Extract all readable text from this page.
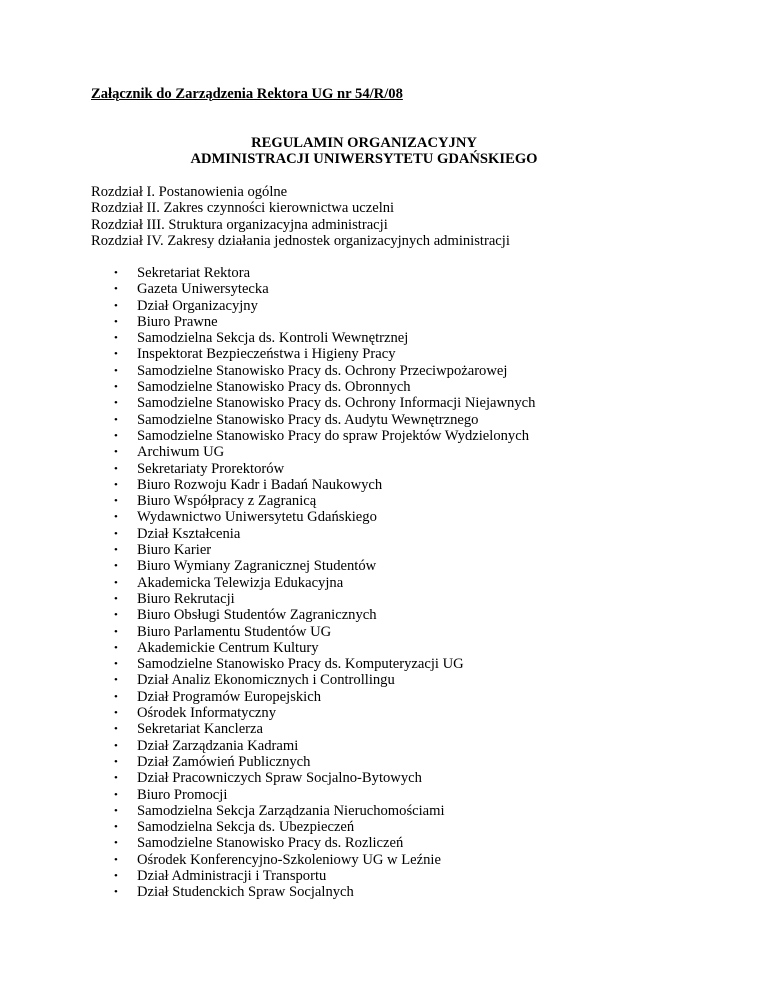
Załącznik do Zarządzenia Rektora UG nr 54/R/08
REGULAMIN ORGANIZACYJNY
ADMINISTRACJI UNIWERSYTETU GDAŃSKIEGO
Rozdział I. Postanowienia ogólne
Rozdział II. Zakres czynności kierownictwa uczelni
Rozdział III. Struktura organizacyjna administracji
Rozdział IV. Zakresy działania jednostek organizacyjnych administracji
• Sekretariat Rektora
• Gazeta Uniwersytecka
• Dział Organizacyjny
• Biuro Prawne
• Samodzielna Sekcja ds. Kontroli Wewnętrznej
• Inspektorat Bezpieczeństwa i Higieny Pracy
• Samodzielne Stanowisko Pracy ds. Ochrony Przeciwpożarowej
• Samodzielne Stanowisko Pracy ds. Obronnych
• Samodzielne Stanowisko Pracy ds. Ochrony Informacji Niejawnych
• Samodzielne Stanowisko Pracy ds. Audytu Wewnętrznego
• Samodzielne Stanowisko Pracy do spraw Projektów Wydzielonych
• Archiwum UG
• Sekretariaty Prorektorów
• Biuro Rozwoju Kadr i Badań Naukowych
• Biuro Współpracy z Zagranicą
• Wydawnictwo Uniwersytetu Gdańskiego
• Dział Kształcenia
• Biuro Karier
• Biuro Wymiany Zagranicznej Studentów
• Akademicka Telewizja Edukacyjna
• Biuro Rekrutacji
• Biuro Obsługi Studentów Zagranicznych
• Biuro Parlamentu Studentów UG
• Akademickie Centrum Kultury
• Samodzielne Stanowisko Pracy ds. Komputeryzacji UG
• Dział Analiz Ekonomicznych i Controllingu
• Dział Programów Europejskich
• Ośrodek Informatyczny
• Sekretariat Kanclerza
• Dział Zarządzania Kadrami
• Dział Zamówień Publicznych
• Dział Pracowniczych Spraw Socjalno-Bytowych
• Biuro Promocji
• Samodzielna Sekcja Zarządzania Nieruchomościami
• Samodzielna Sekcja ds. Ubezpieczeń
• Samodzielne Stanowisko Pracy ds. Rozliczeń
• Ośrodek Konferencyjno-Szkoleniowy UG w Leźnie
• Dział Administracji i Transportu
• Dział Studenckich Spraw Socjalnych
